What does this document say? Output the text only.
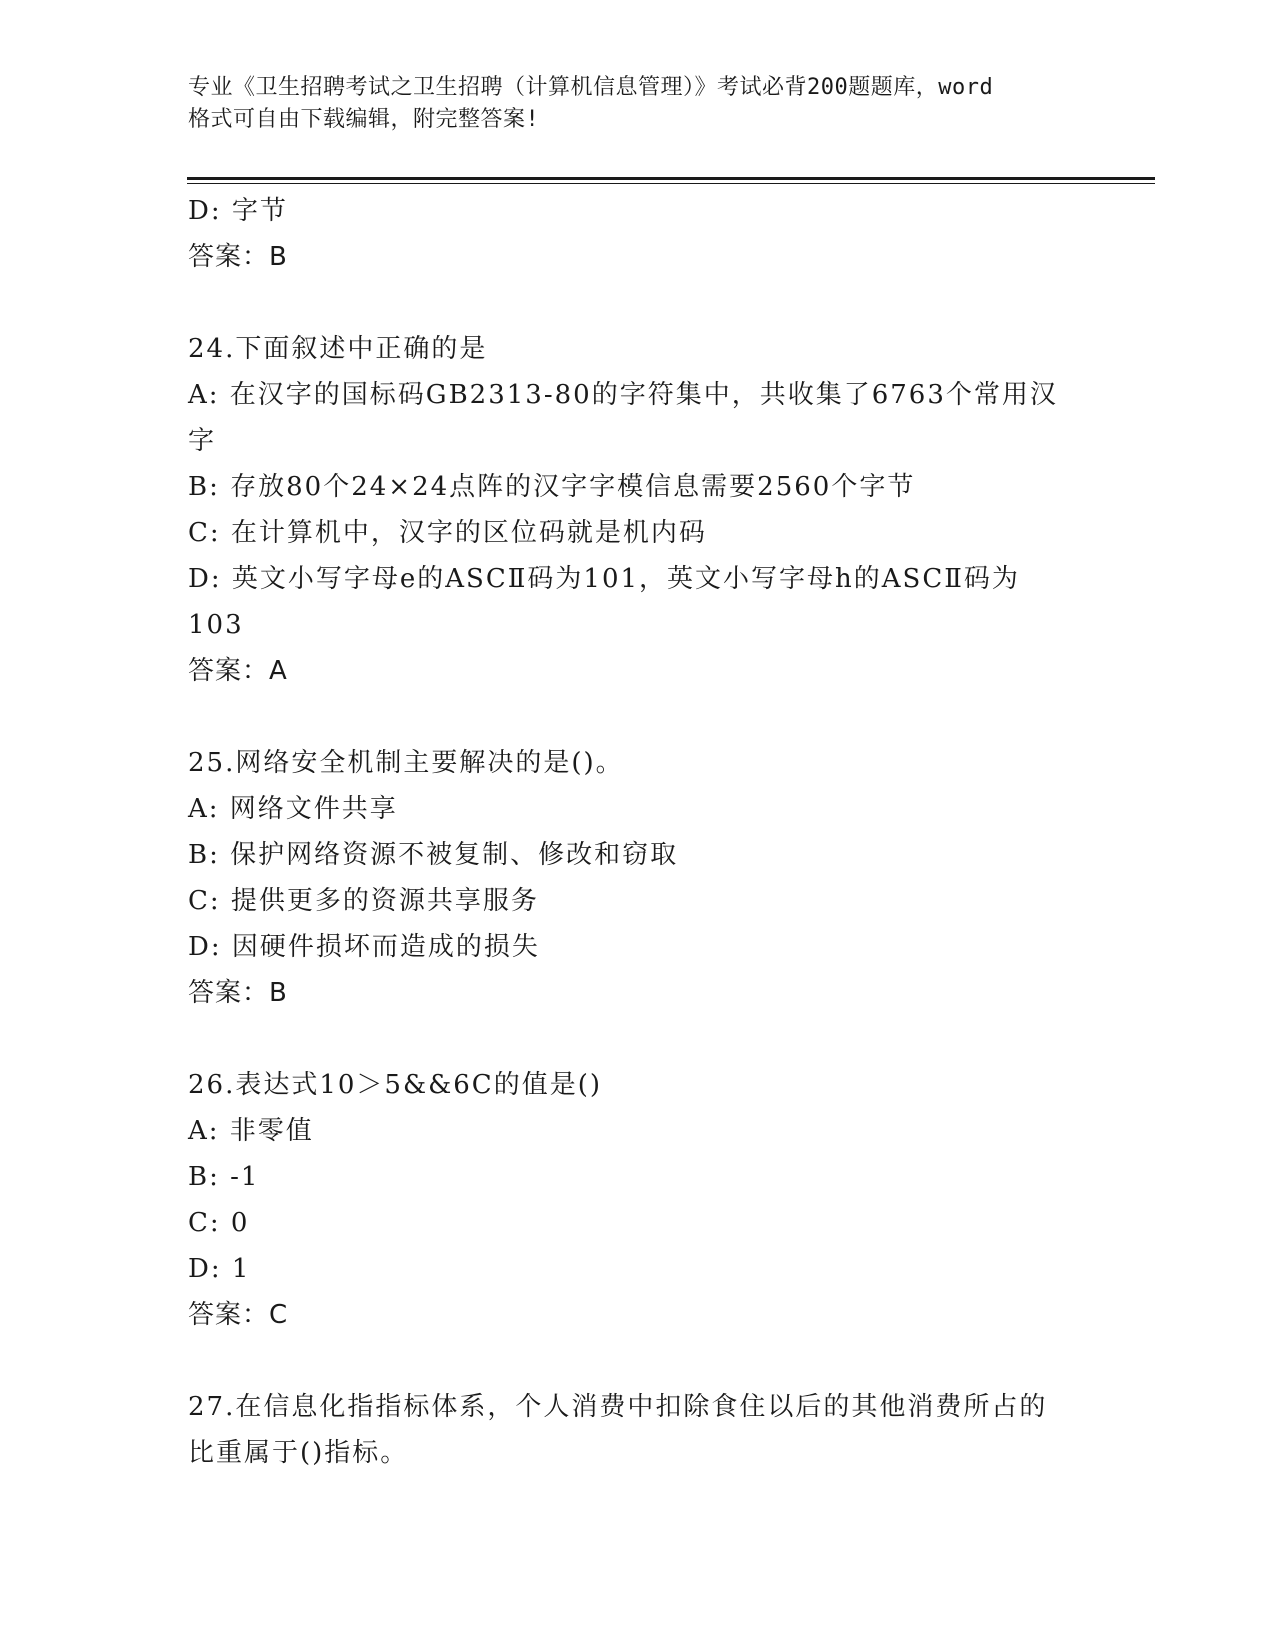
专业《卫生招聘考试之卫生招聘（计算机信息管理）》考试必背200题题库，word
格式可自由下载编辑，附完整答案!
D: 字节
答案：B
24.下面叙述中正确的是
A: 在汉字的国标码GB2313-80的字符集中，共收集了6763个常用汉
字
B: 存放80个24×24点阵的汉字字模信息需要2560个字节
C: 在计算机中，汉字的区位码就是机内码
D: 英文小写字母e的ASCⅡ码为101，英文小写字母h的ASCⅡ码为
103
答案：A
25.网络安全机制主要解决的是()。
A: 网络文件共享
B: 保护网络资源不被复制、修改和窃取
C: 提供更多的资源共享服务
D: 因硬件损坏而造成的损失
答案：B
26.表达式10＞5&&6C的值是()
A: 非零值
B: -1
C: 0
D: 1
答案：C
27.在信息化指指标体系，个人消费中扣除食住以后的其他消费所占的
比重属于()指标。
